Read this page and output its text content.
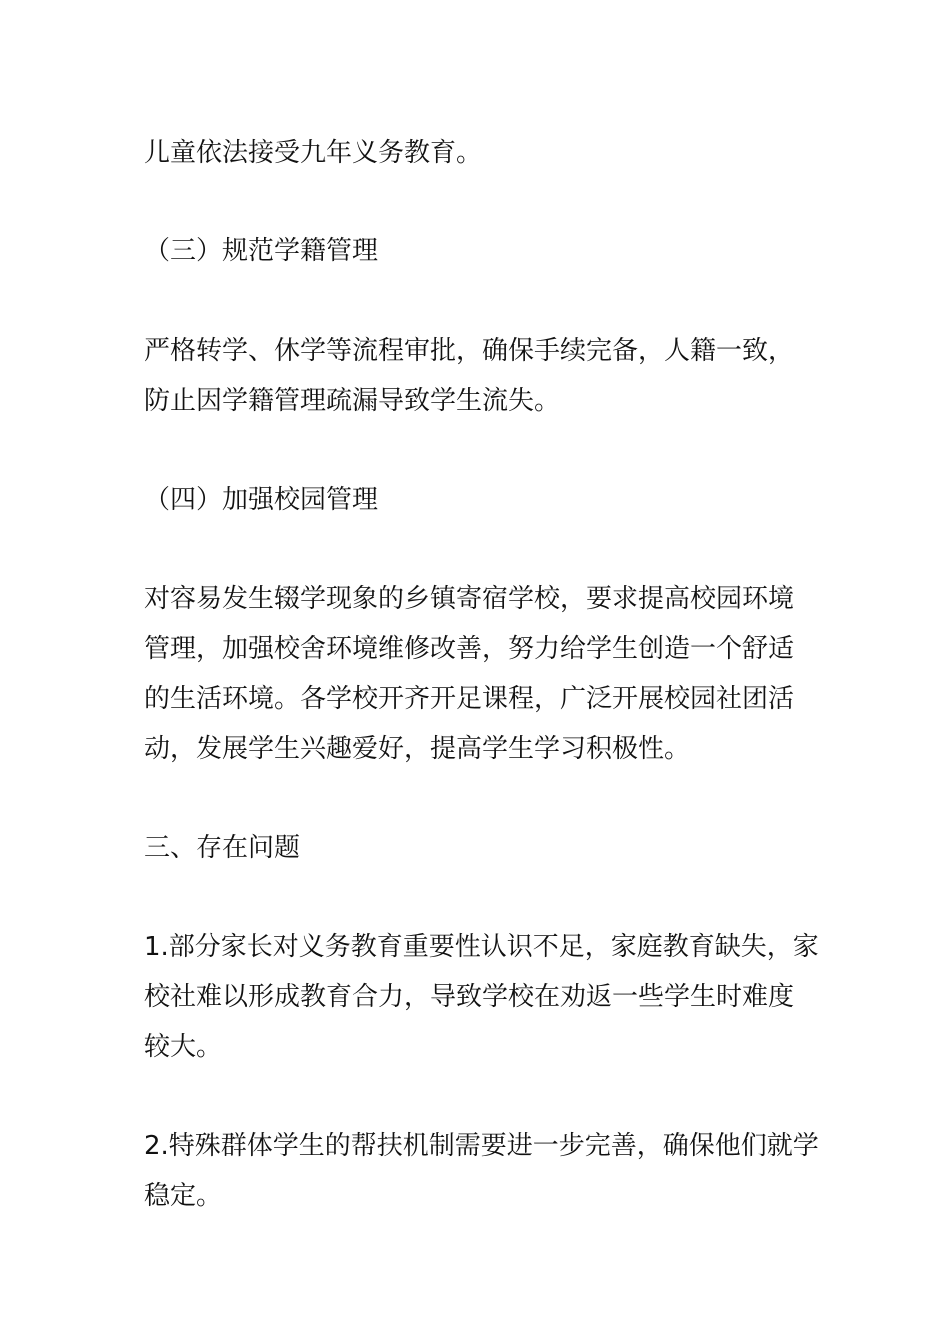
儿童依法接受九年义务教育。
（三）规范学籍管理
严格转学、休学等流程审批，确保手续完备，人籍一致，
防止因学籍管理疏漏导致学生流失。
（四）加强校园管理
对容易发生辍学现象的乡镇寄宿学校，要求提高校园环境
管理，加强校舍环境维修改善，努力给学生创造一个舒适
的生活环境。各学校开齐开足课程，广泛开展校园社团活
动，发展学生兴趣爱好，提高学生学习积极性。
三、存在问题
1.部分家长对义务教育重要性认识不足，家庭教育缺失，家
校社难以形成教育合力，导致学校在劝返一些学生时难度
较大。
2.特殊群体学生的帮扶机制需要进一步完善，确保他们就学
稳定。
